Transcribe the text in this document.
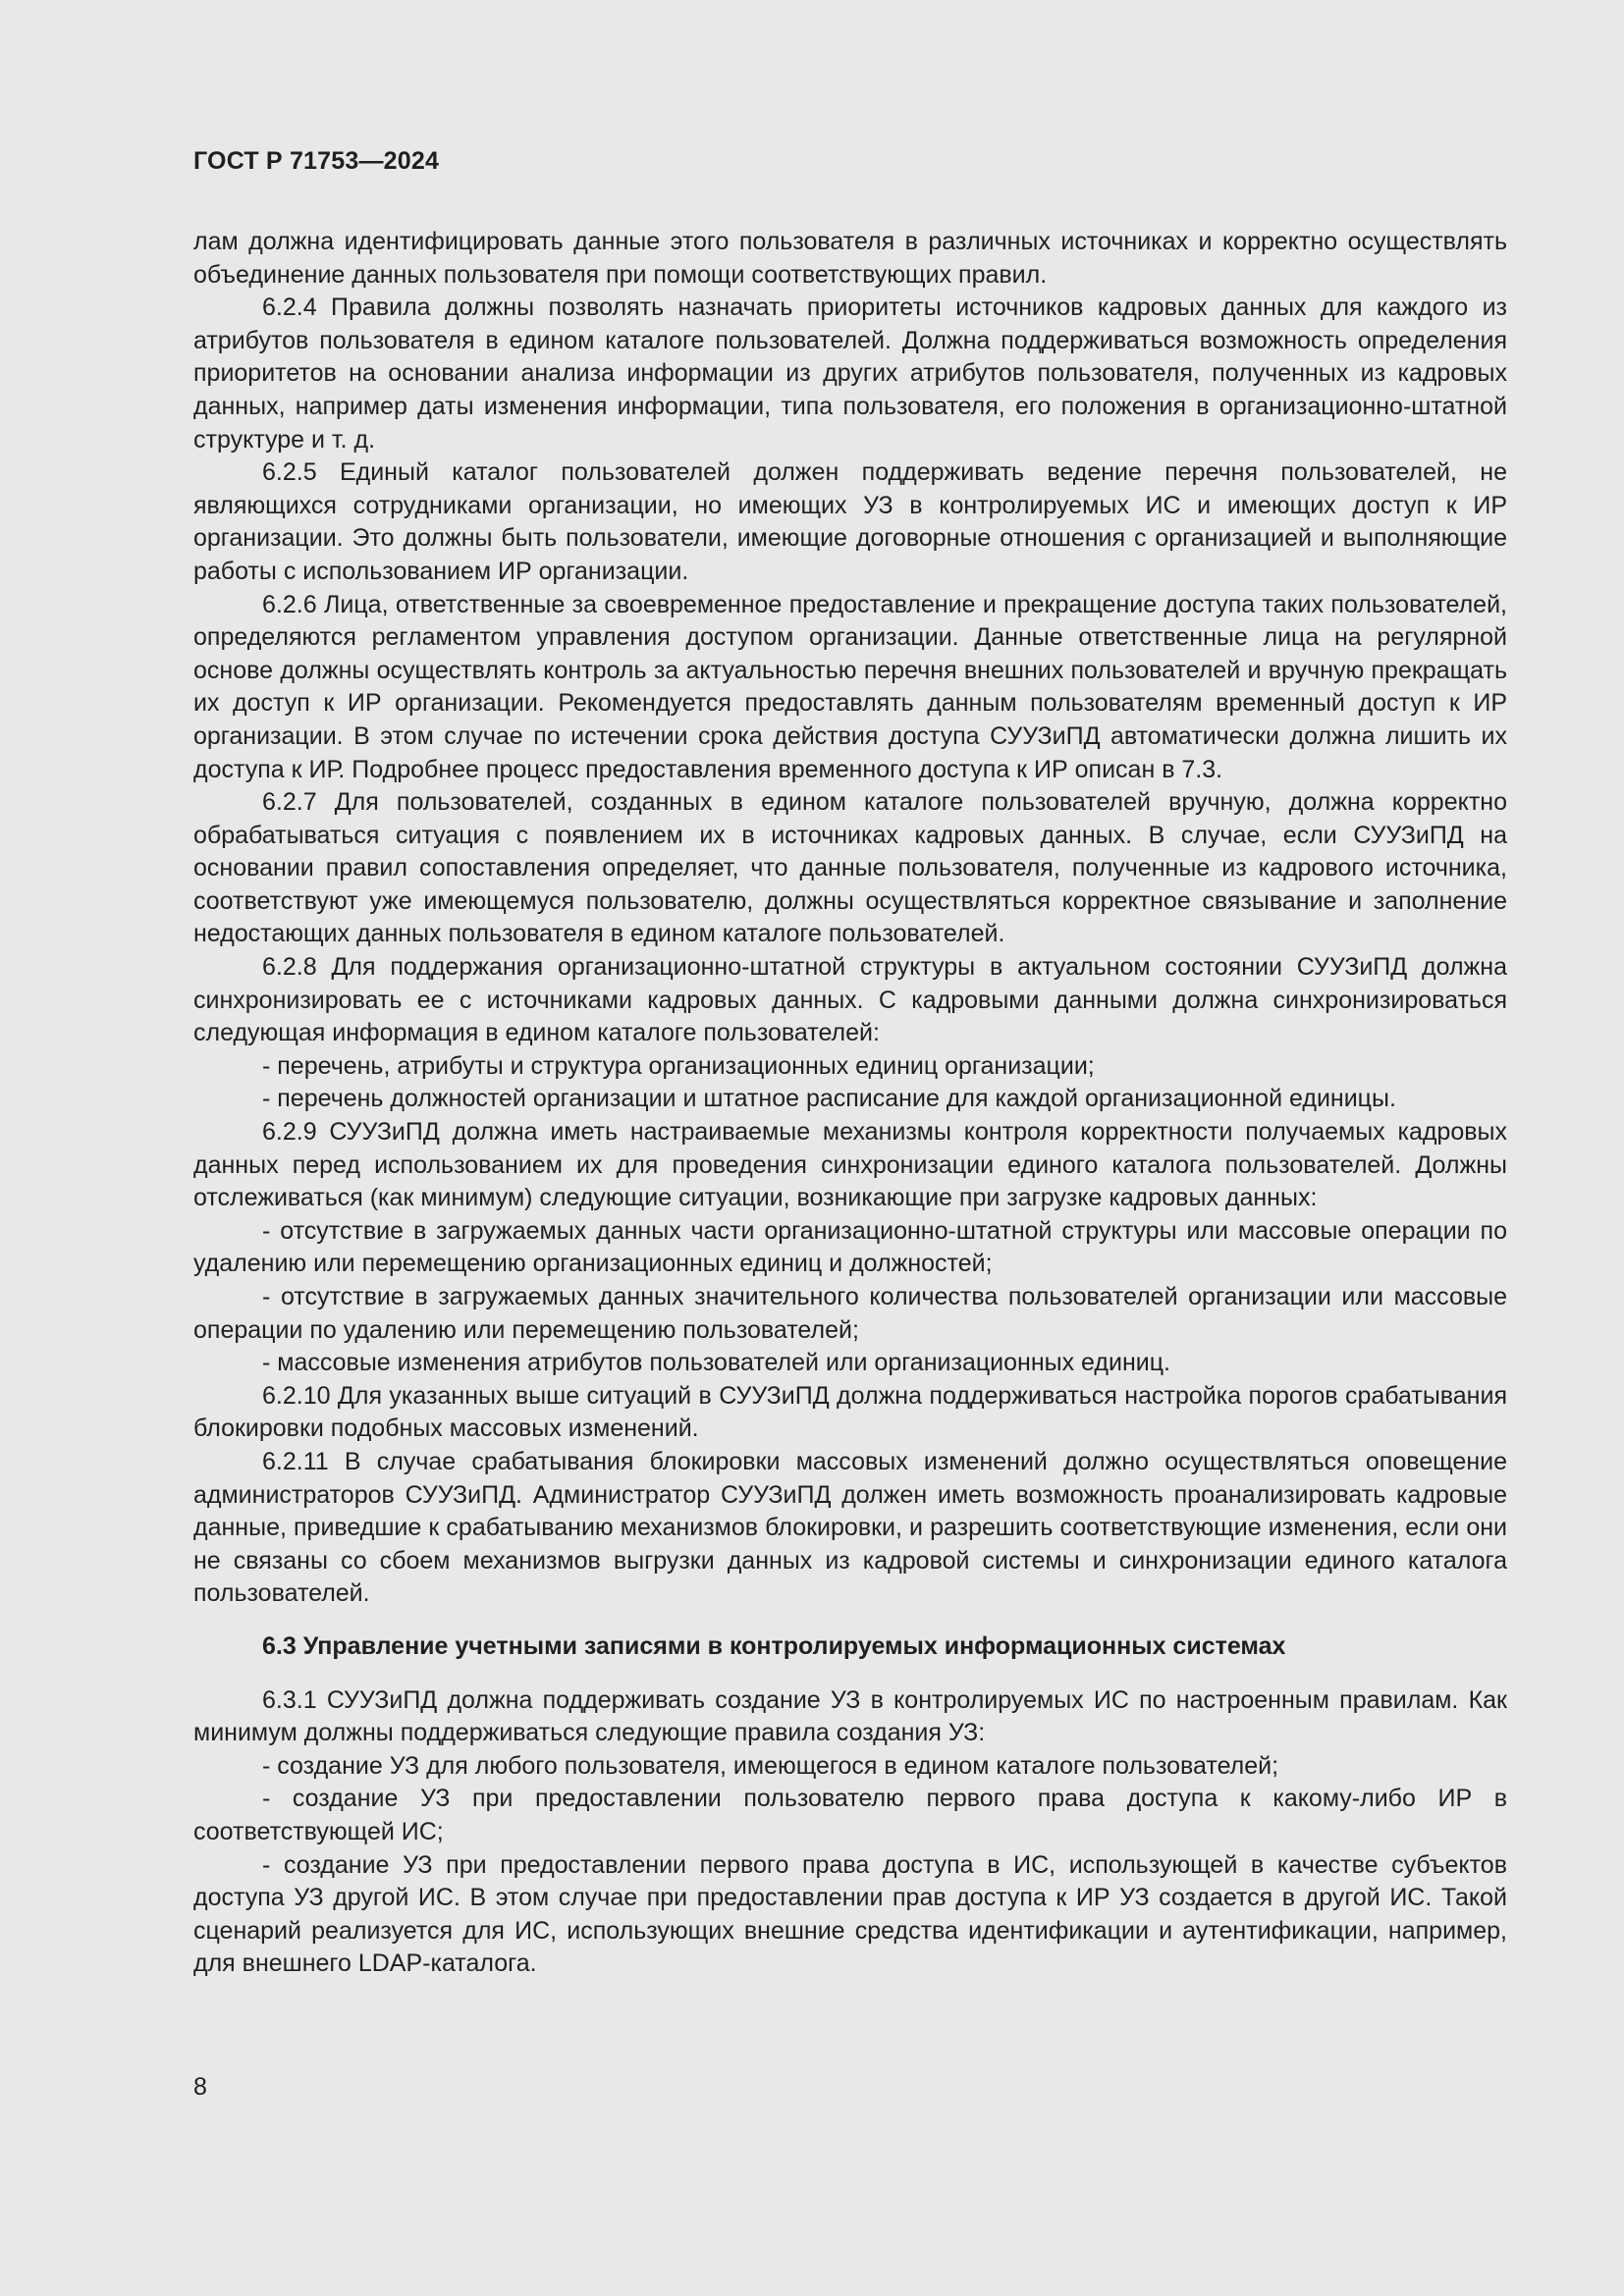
ГОСТ Р 71753—2024

лам должна идентифицировать данные этого пользователя в различных источниках и корректно осуществлять объединение данных пользователя при помощи соответствующих правил.

6.2.4 Правила должны позволять назначать приоритеты источников кадровых данных для каждого из атрибутов пользователя в едином каталоге пользователей. Должна поддерживаться возможность определения приоритетов на основании анализа информации из других атрибутов пользователя, полученных из кадровых данных, например даты изменения информации, типа пользователя, его положения в организационно-штатной структуре и т. д.

6.2.5 Единый каталог пользователей должен поддерживать ведение перечня пользователей, не являющихся сотрудниками организации, но имеющих УЗ в контролируемых ИС и имеющих доступ к ИР организации. Это должны быть пользователи, имеющие договорные отношения с организацией и выполняющие работы с использованием ИР организации.

6.2.6 Лица, ответственные за своевременное предоставление и прекращение доступа таких пользователей, определяются регламентом управления доступом организации. Данные ответственные лица на регулярной основе должны осуществлять контроль за актуальностью перечня внешних пользователей и вручную прекращать их доступ к ИР организации. Рекомендуется предоставлять данным пользователям временный доступ к ИР организации. В этом случае по истечении срока действия доступа СУУЗиПД автоматически должна лишить их доступа к ИР. Подробнее процесс предоставления временного доступа к ИР описан в 7.3.

6.2.7 Для пользователей, созданных в едином каталоге пользователей вручную, должна корректно обрабатываться ситуация с появлением их в источниках кадровых данных. В случае, если СУУЗиПД на основании правил сопоставления определяет, что данные пользователя, полученные из кадрового источника, соответствуют уже имеющемуся пользователю, должны осуществляться корректное связывание и заполнение недостающих данных пользователя в едином каталоге пользователей.

6.2.8 Для поддержания организационно-штатной структуры в актуальном состоянии СУУЗиПД должна синхронизировать ее с источниками кадровых данных. С кадровыми данными должна синхронизироваться следующая информация в едином каталоге пользователей:

- перечень, атрибуты и структура организационных единиц организации;

- перечень должностей организации и штатное расписание для каждой организационной единицы.

6.2.9 СУУЗиПД должна иметь настраиваемые механизмы контроля корректности получаемых кадровых данных перед использованием их для проведения синхронизации единого каталога пользователей. Должны отслеживаться (как минимум) следующие ситуации, возникающие при загрузке кадровых данных:

- отсутствие в загружаемых данных части организационно-штатной структуры или массовые операции по удалению или перемещению организационных единиц и должностей;

- отсутствие в загружаемых данных значительного количества пользователей организации или массовые операции по удалению или перемещению пользователей;

- массовые изменения атрибутов пользователей или организационных единиц.

6.2.10 Для указанных выше ситуаций в СУУЗиПД должна поддерживаться настройка порогов срабатывания блокировки подобных массовых изменений.

6.2.11 В случае срабатывания блокировки массовых изменений должно осуществляться оповещение администраторов СУУЗиПД. Администратор СУУЗиПД должен иметь возможность проанализировать кадровые данные, приведшие к срабатыванию механизмов блокировки, и разрешить соответствующие изменения, если они не связаны со сбоем механизмов выгрузки данных из кадровой системы и синхронизации единого каталога пользователей.

6.3 Управление учетными записями в контролируемых информационных системах

6.3.1 СУУЗиПД должна поддерживать создание УЗ в контролируемых ИС по настроенным правилам. Как минимум должны поддерживаться следующие правила создания УЗ:

- создание УЗ для любого пользователя, имеющегося в едином каталоге пользователей;

- создание УЗ при предоставлении пользователю первого права доступа к какому-либо ИР в соответствующей ИС;

- создание УЗ при предоставлении первого права доступа в ИС, использующей в качестве субъектов доступа УЗ другой ИС. В этом случае при предоставлении прав доступа к ИР УЗ создается в другой ИС. Такой сценарий реализуется для ИС, использующих внешние средства идентификации и аутентификации, например, для внешнего LDAP-каталога.

8
